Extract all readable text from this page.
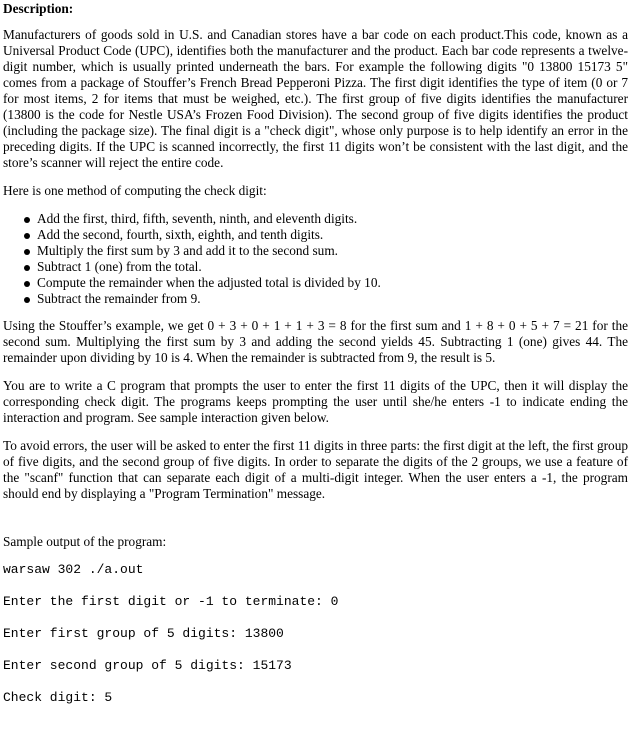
Description:

Manufacturers of goods sold in U.S. and Canadian stores have a bar code on each product.This code, known as a Universal Product Code (UPC), identifies both the manufacturer and the product. Each bar code represents a twelve-digit number, which is usually printed underneath the bars. For example the following digits "0 13800 15173 5" comes from a package of Stouffer’s French Bread Pepperoni Pizza. The first digit identifies the type of item (0 or 7 for most items, 2 for items that must be weighed, etc.). The first group of five digits identifies the manufacturer (13800 is the code for Nestle USA’s Frozen Food Division). The second group of five digits identifies the product (including the package size). The final digit is a "check digit", whose only purpose is to help identify an error in the preceding digits. If the UPC is scanned incorrectly, the first 11 digits won’t be consistent with the last digit, and the store’s scanner will reject the entire code.

Here is one method of computing the check digit:

Add the first, third, fifth, seventh, ninth, and eleventh digits.
Add the second, fourth, sixth, eighth, and tenth digits.
Multiply the first sum by 3 and add it to the second sum.
Subtract 1 (one) from the total.
Compute the remainder when the adjusted total is divided by 10.
Subtract the remainder from 9.

Using the Stouffer’s example, we get 0 + 3 + 0 + 1 + 1 + 3 = 8 for the first sum and 1 + 8 + 0 + 5 + 7 = 21 for the second sum. Multiplying the first sum by 3 and adding the second yields 45. Subtracting 1 (one) gives 44. The remainder upon dividing by 10 is 4. When the remainder is subtracted from 9, the result is 5.

You are to write a C program that prompts the user to enter the first 11 digits of the UPC, then it will display the corresponding check digit. The programs keeps prompting the user until she/he enters -1 to indicate ending the interaction and program. See sample interaction given below.

To avoid errors, the user will be asked to enter the first 11 digits in three parts: the first digit at the left, the first group of five digits, and the second group of five digits. In order to separate the digits of the 2 groups, we use a feature of the "scanf" function that can separate each digit of a multi-digit integer. When the user enters a -1, the program should end by displaying a "Program Termination" message.

Sample output of the program:
warsaw 302 ./a.out
Enter the first digit or -1 to terminate: 0
Enter first group of 5 digits: 13800
Enter second group of 5 digits: 15173
Check digit: 5
